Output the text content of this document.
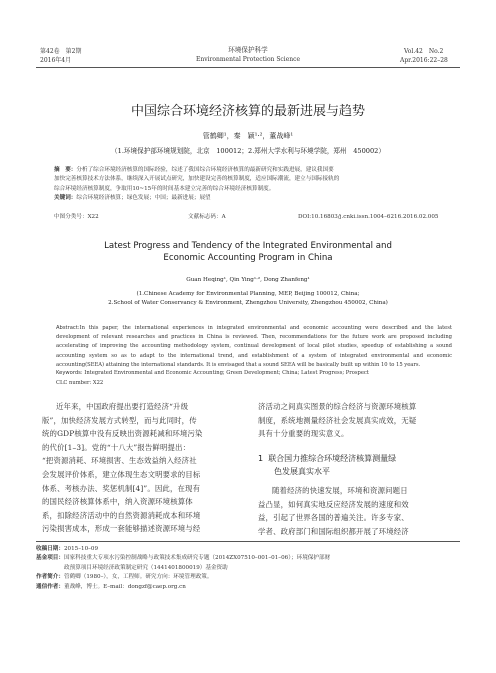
第42卷　第2期
2016年4月
环境保护科学
Environmental Protection Science
Vol.42　No.2
Apr.2016:22–28
中国综合环境经济核算的最新进展与趋势
管鹤卿¹，秦　颖¹·²，董战峰¹
（1.环境保护部环境规划院，北京　100012；2.郑州大学水利与环境学院，郑州　450002）
摘　要：分析了综合环境经济核算的国际经验，综述了我国综合环境经济核算的最新研究和实践进展，建议我国要
加快完善核算技术方法体系，继续深入开展试点研究，加快建设完善的核算制度，适应国际潮流，建立与国际接轨的
综合环境经济核算制度，争取用10~15年的时间基本建立完善的综合环境经济核算制度。
关键词：综合环境经济核算；绿色发展；中国；最新进展；展望
中图分类号：X22	文献标志码：A	DOI:10.16803/j.cnki.issn.1004–6216.2016.02.005
Latest Progress and Tendency of the Integrated Environmental and Economic Accounting Program in China
Guan Heqing¹, Qin Ying¹·², Dong Zhanfeng¹
(1.Chinese Academy for Environmental Planning, MEP, Beijing 100012, China;
2.School of Water Conservancy & Environment, Zhengzhou University, Zhengzhou 450002, China)
Abstract:In this paper, the international experiences in integrated environmental and economic accounting were described and the latest development of relevant researches and practices in China is reviewed. Then, recommendations for the future work are proposed including accelerating of improving the accounting methodology system, continual development of local pilot studies, speedup of establishing a sound accounting system so as to adapt to the international trend, and establishment of a system of integrated environmental and economic accounting(SEEA) attaining the international standards. It is envisaged that a sound SEEA will be basically built up within 10 to 15 years.
Keywords: Integrated Environmental and Economic Accounting; Green Development; China; Latest Progress; Prospect
CLC number: X22
近年来，中国政府提出要打造经济“升级
版”，加快经济发展方式转型，而与此同时，传
统的GDP核算中没有反映出资源耗减和环境污染
的代价[1–3]。党的“十八大”报告鲜明提出：
“把资源消耗、环境损害、生态效益纳入经济社
会发展评价体系，建立体现生态文明要求的目标
体系、考核办法、奖惩机制[4]”。因此，在现有
的国民经济核算体系中，纳入资源环境核算体
系，扣除经济活动中的自然资源消耗成本和环境
污染损害成本，形成一套能够描述资源环境与经
济活动之间真实图景的综合经济与资源环境核算
制度，系统地测量经济社会发展真实成效，无疑
具有十分重要的现实意义。
1 联合国力推综合环境经济核算测量绿
色发展真实水平
随着经济的快速发展，环境和资源问题日
益凸显，如何真实地反应经济发展的速度和效
益，引起了世界各国的普遍关注。许多专家、
学者、政府部门和国际组织都开展了环境经济
收稿日期：2015–10–09
基金项目：国家科技重大专项水污染控制战略与政策技术集成研究专题（2014ZX07510–001–01–06）；环境保护部财
政预算项目环境经济政策制定研究（1441401800019）基金资助
作者简介：管鹤卿（1980–），女，工程师。研究方向：环境管理政策。
通信作者：董战峰，博士。E–mail：dongzf@caep.org.cn
